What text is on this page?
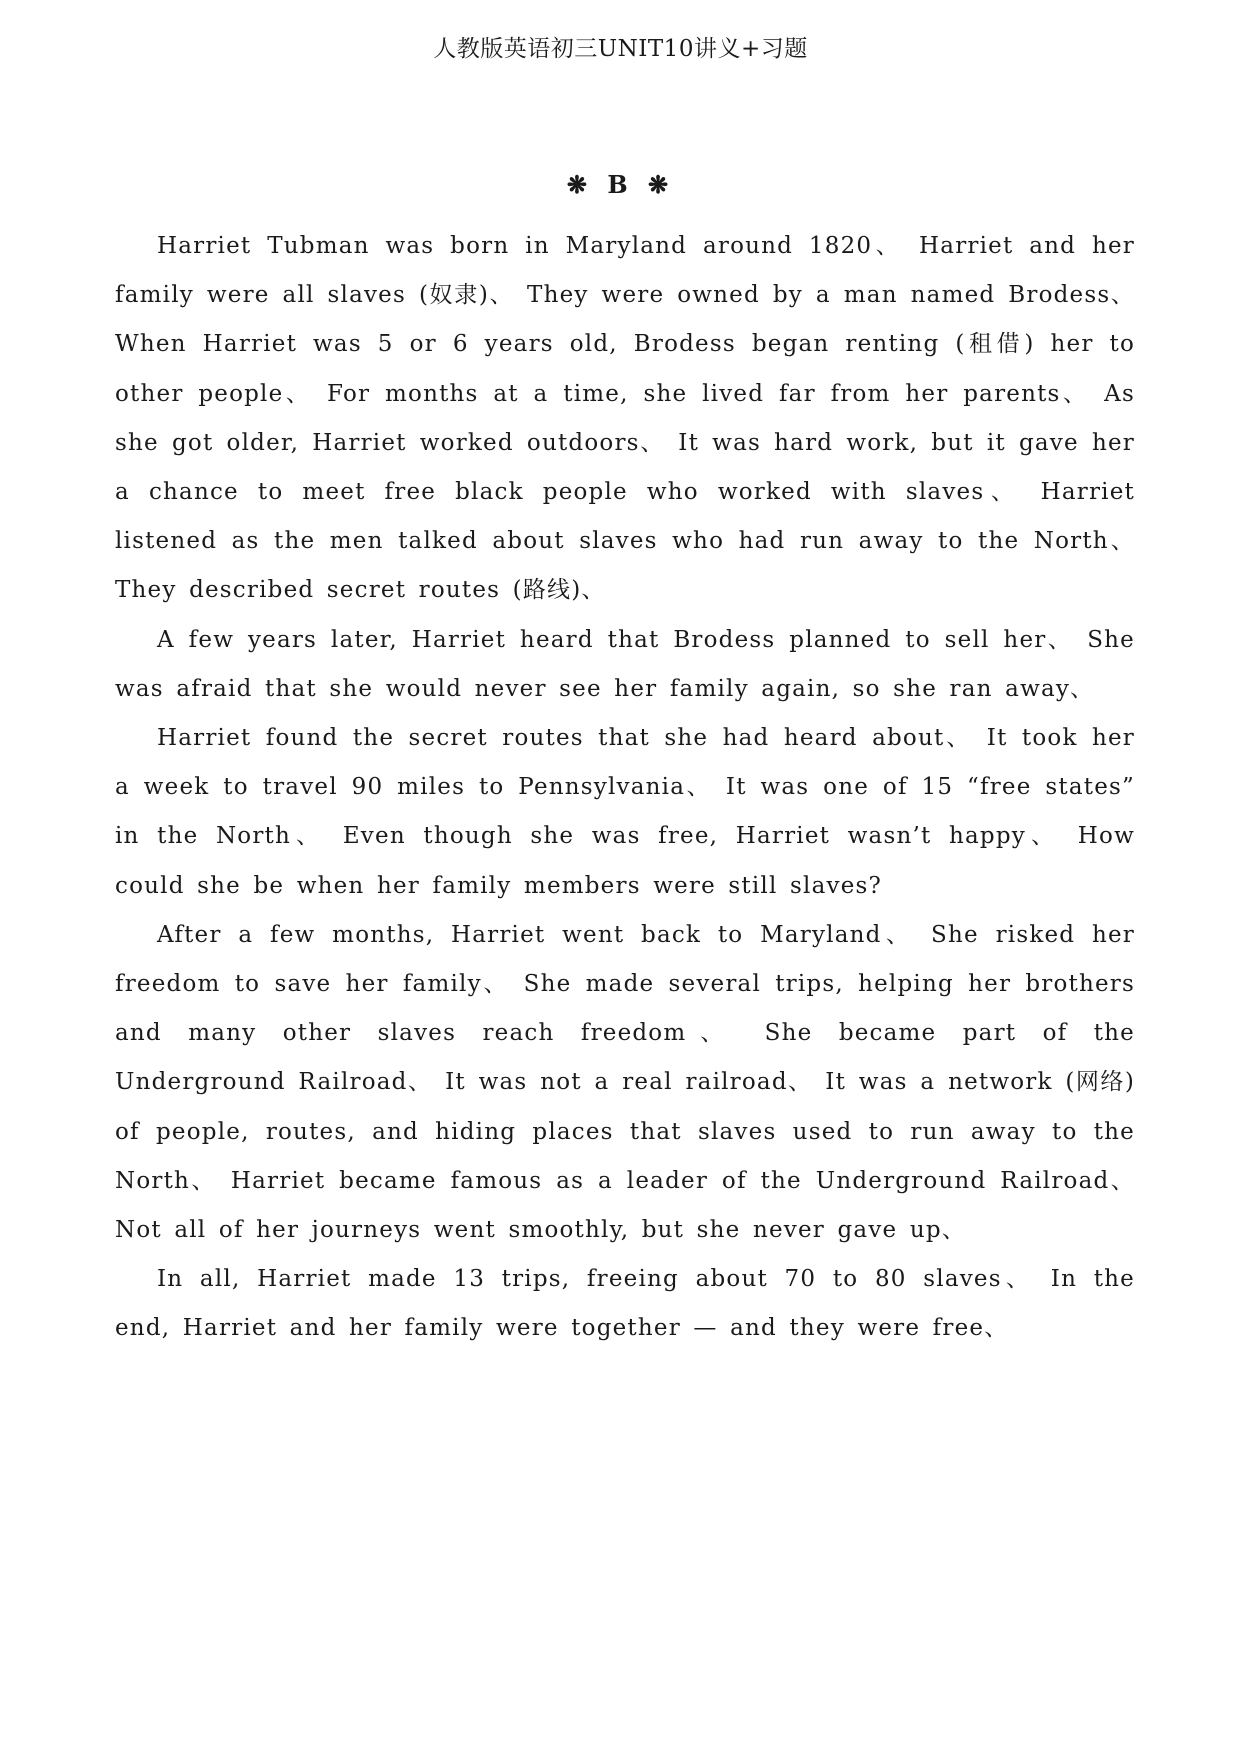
人教版英语初三UNIT10讲义+习题
❋ B ❋

Harriet Tubman was born in Maryland around 1820、 Harriet and her family were all slaves (奴隶)、 They were owned by a man named Brodess、 When Harriet was 5 or 6 years old, Brodess began renting (租借) her to other people、 For months at a time, she lived far from her parents、 As she got older, Harriet worked outdoors、 It was hard work, but it gave her a chance to meet free black people who worked with slaves、 Harriet listened as the men talked about slaves who had run away to the North、 They described secret routes (路线)、

A few years later, Harriet heard that Brodess planned to sell her、 She was afraid that she would never see her family again, so she ran away、

Harriet found the secret routes that she had heard about、 It took her a week to travel 90 miles to Pennsylvania、 It was one of 15 “free states” in the North、 Even though she was free, Harriet wasn’t happy、 How could she be when her family members were still slaves?

After a few months, Harriet went back to Maryland、 She risked her freedom to save her family、 She made several trips, helping her brothers and many other slaves reach freedom、 She became part of the Underground Railroad、 It was not a real railroad、 It was a network (网络) of people, routes, and hiding places that slaves used to run away to the North、 Harriet became famous as a leader of the Underground Railroad、 Not all of her journeys went smoothly, but she never gave up、

In all, Harriet made 13 trips, freeing about 70 to 80 slaves、 In the end, Harriet and her family were together — and they were free、
